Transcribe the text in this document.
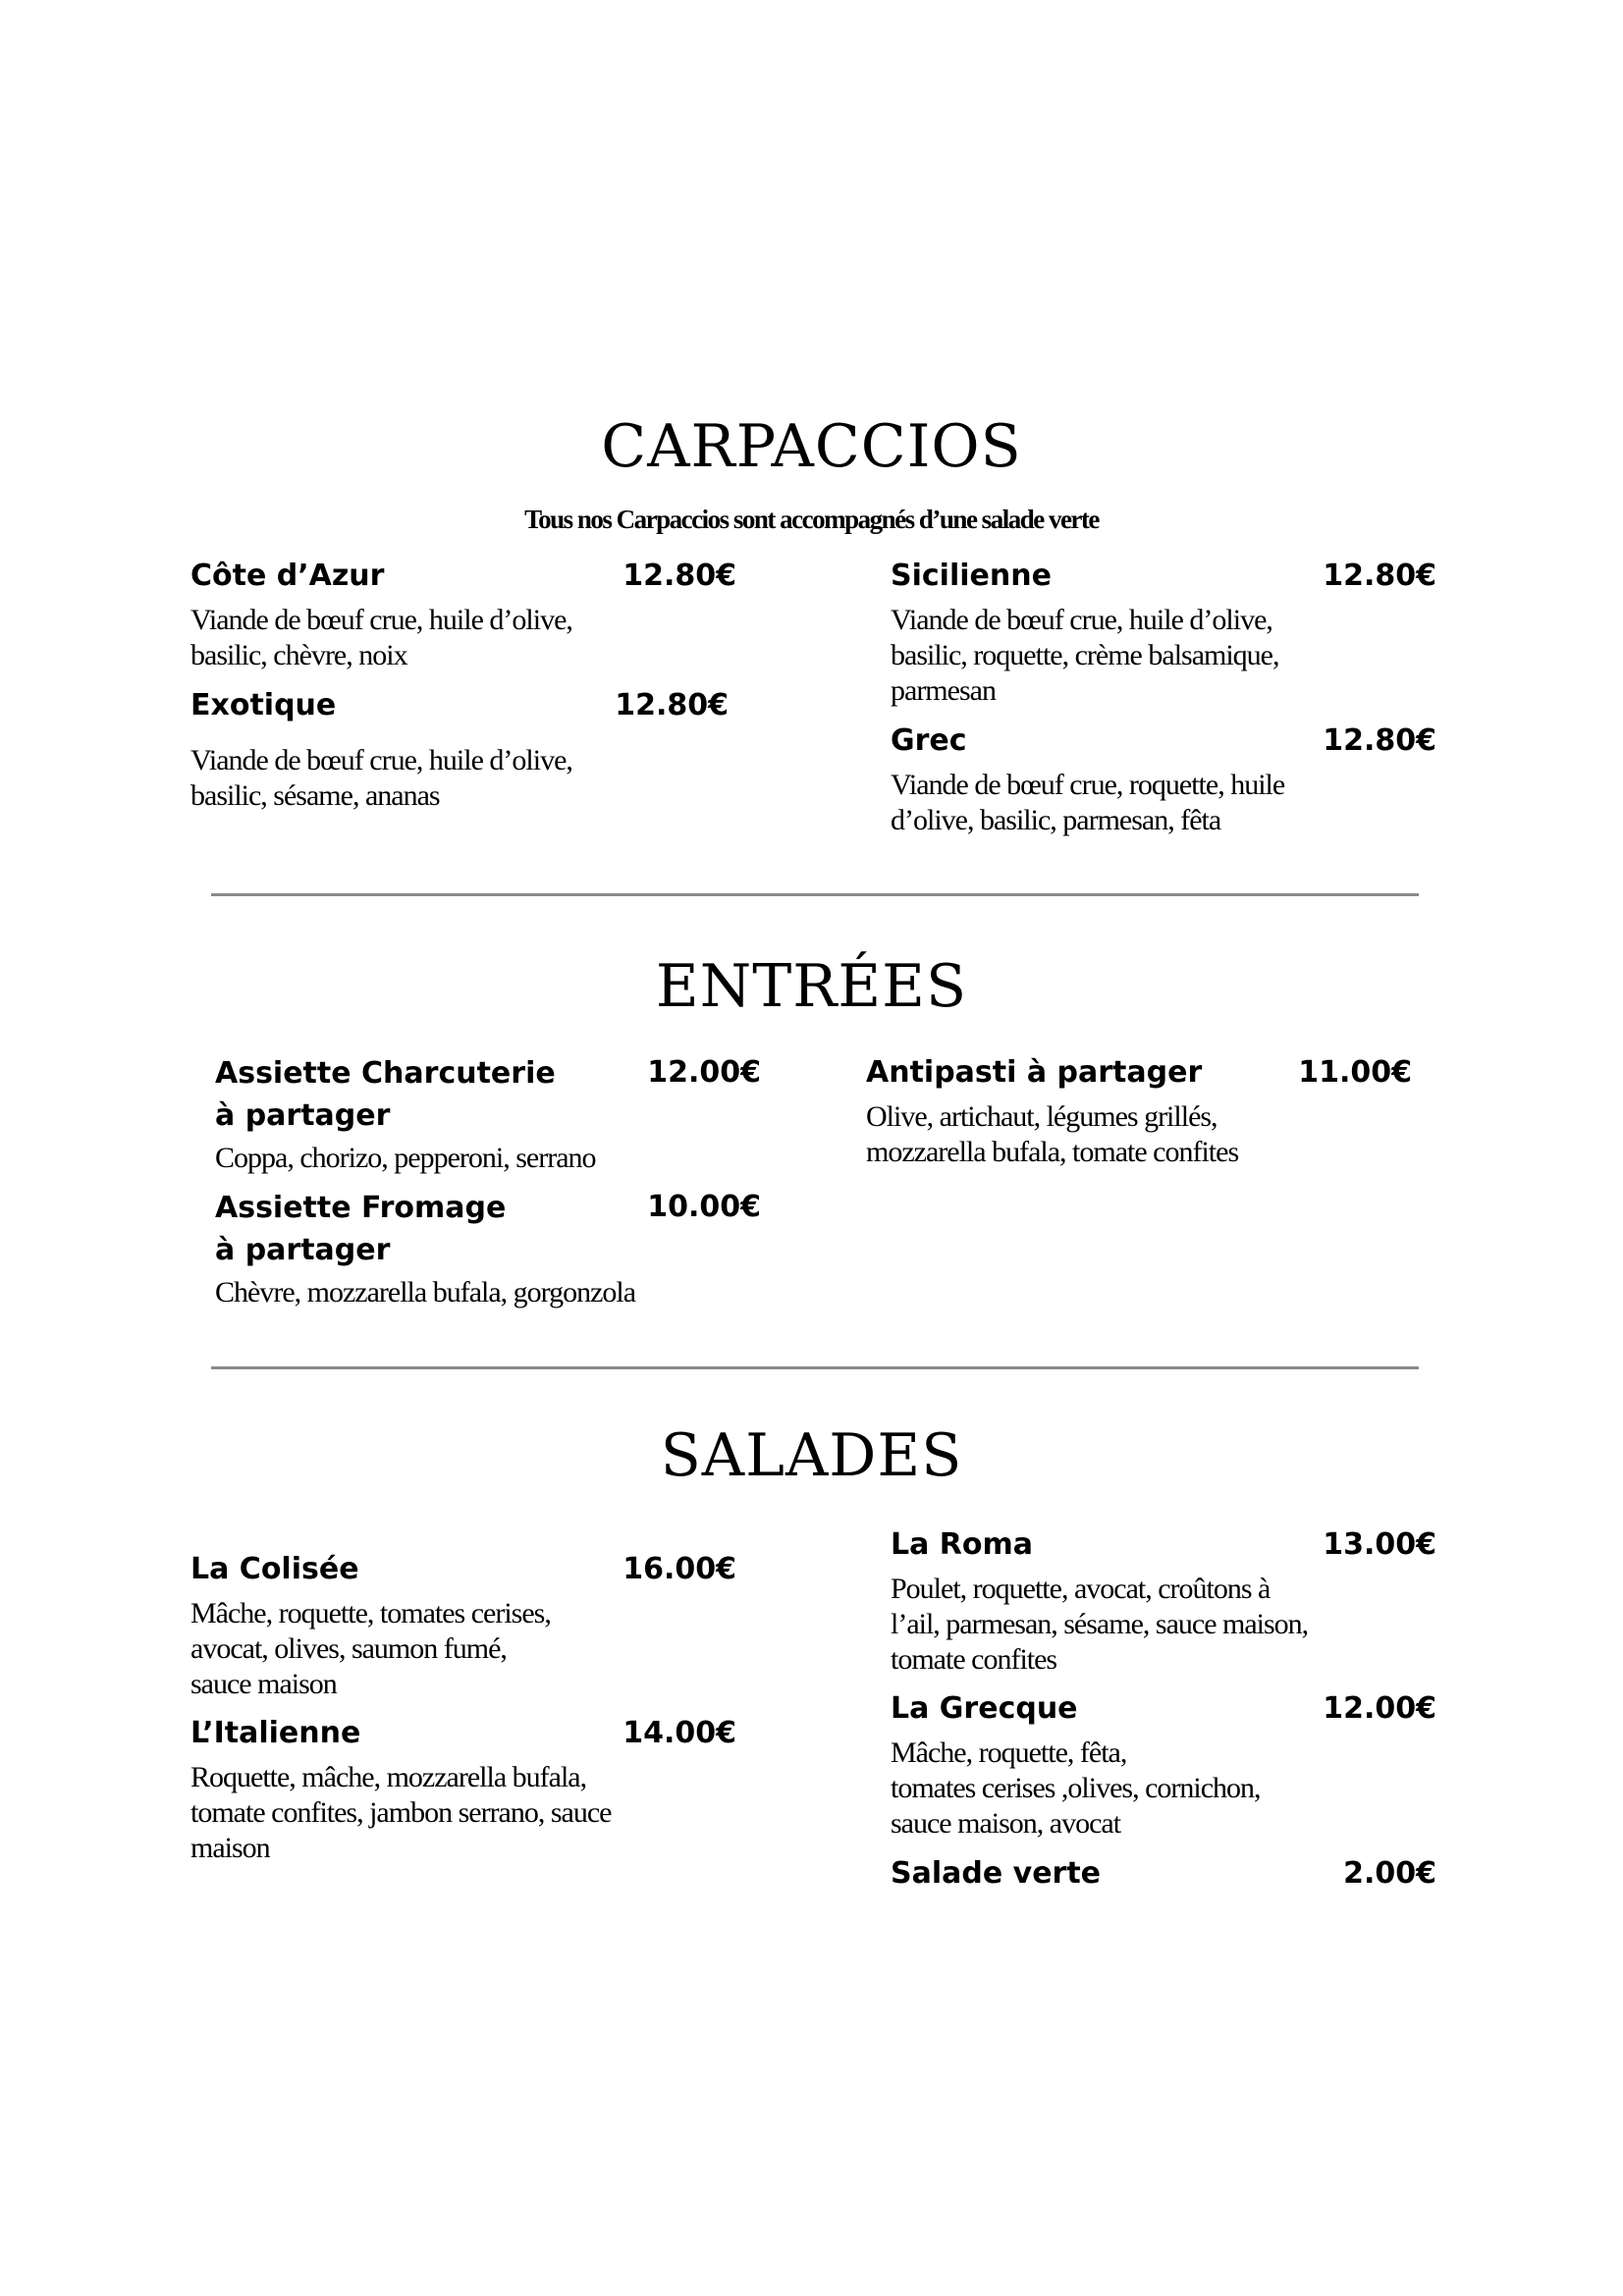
CARPACCIOS
Tous nos Carpaccios sont accompagnés d’une salade verte
Côte d’Azur	12.80€
Viande de bœuf crue, huile d’olive,
basilic, chèvre, noix
Exotique	12.80€
Viande de bœuf crue, huile d’olive,
basilic, sésame, ananas
Sicilienne	12.80€
Viande de bœuf crue, huile d’olive,
basilic, roquette, crème balsamique,
parmesan
Grec	12.80€
Viande de bœuf crue, roquette, huile
d’olive, basilic, parmesan, fêta
ENTRÉES
Assiette Charcuterie
à partager
12.00€
Coppa, chorizo, pepperoni, serrano
Assiette Fromage
à partager
10.00€
Chèvre, mozzarella bufala, gorgonzola
Antipasti à partager	11.00€
Olive, artichaut, légumes grillés,
mozzarella bufala, tomate confites
SALADES
La Colisée	16.00€
Mâche, roquette, tomates cerises,
avocat, olives, saumon fumé,
sauce maison
L’Italienne	14.00€
Roquette, mâche, mozzarella bufala,
tomate confites, jambon serrano, sauce
maison
La Roma	13.00€
Poulet, roquette, avocat, croûtons à
l’ail, parmesan, sésame, sauce maison,
tomate confites
La Grecque	12.00€
Mâche, roquette, fêta,
tomates cerises ,olives, cornichon,
sauce maison, avocat
Salade verte	2.00€
